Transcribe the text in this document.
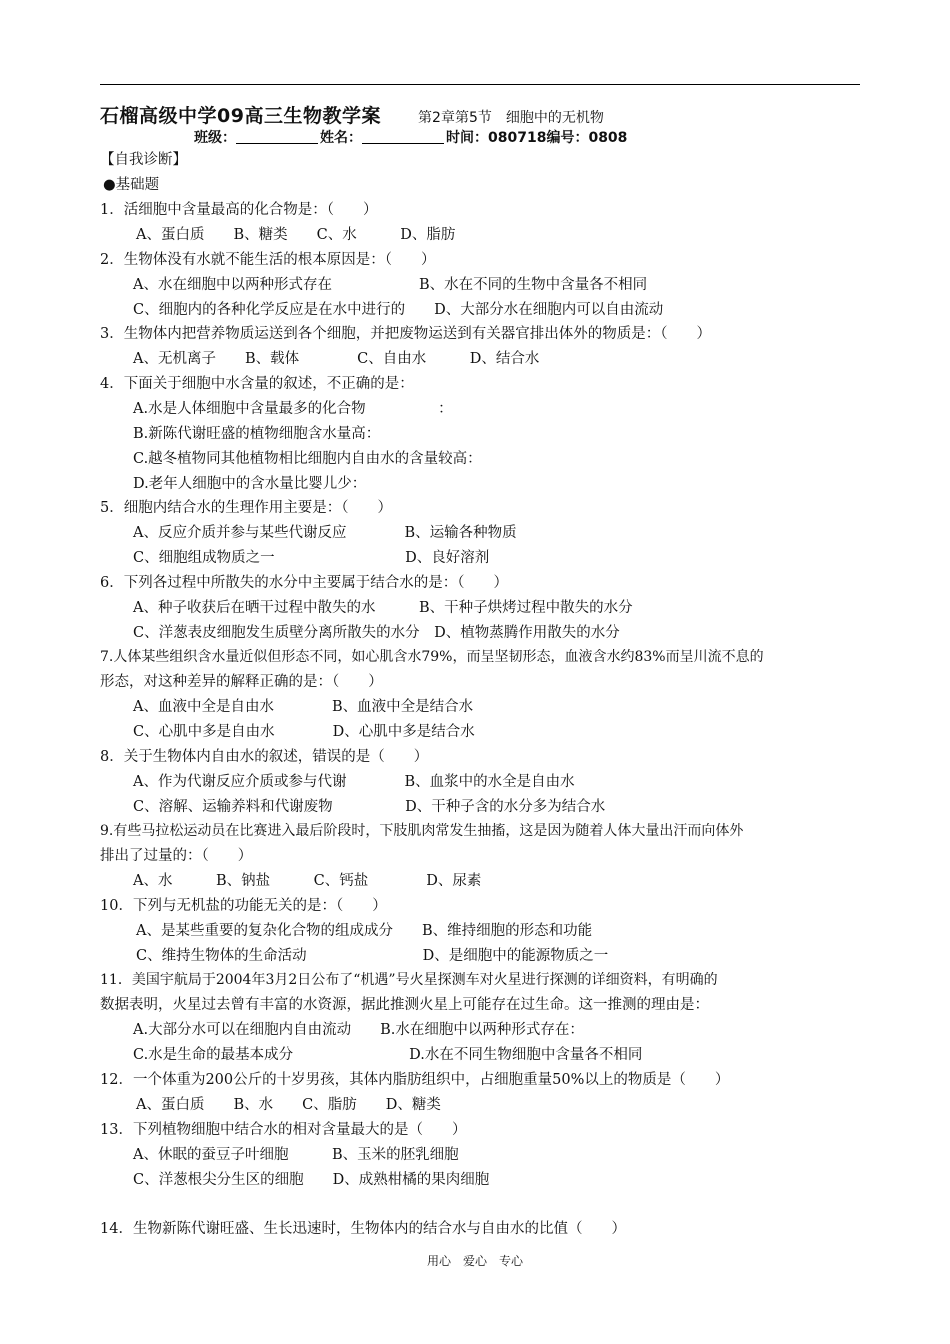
石榴高级中学09高三生物教学案	第2章第5节　细胞中的无机物
班级：	姓名：	时间：080718编号：0808
【自我诊断】
●基础题
1．活细胞中含量最高的化合物是：（　　）
A、蛋白质　　B、糖类　　C、水　　　D、脂肪
2．生物体没有水就不能生活的根本原因是：（　　）
A、水在细胞中以两种形式存在　　　　　　B、水在不同的生物中含量各不相同
C、细胞内的各种化学反应是在水中进行的　　D、大部分水在细胞内可以自由流动
3．生物体内把营养物质运送到各个细胞，并把废物运送到有关器官排出体外的物质是：（　　）
A、无机离子　　B、载体　　　　C、自由水　　　D、结合水
4．下面关于细胞中水含量的叙述，不正确的是：
A.水是人体细胞中含量最多的化合物　　　　　：
B.新陈代谢旺盛的植物细胞含水量高：
C.越冬植物同其他植物相比细胞内自由水的含量较高：
D.老年人细胞中的含水量比婴儿少：
5．细胞内结合水的生理作用主要是：（　　）
A、反应介质并参与某些代谢反应　　　　B、运输各种物质
C、细胞组成物质之一　　　　　　　　　D、良好溶剂
6．下列各过程中所散失的水分中主要属于结合水的是：（　　）
A、种子收获后在晒干过程中散失的水　　　B、干种子烘烤过程中散失的水分
C、洋葱表皮细胞发生质壁分离所散失的水分　D、植物蒸腾作用散失的水分
7.人体某些组织含水量近似但形态不同，如心肌含水79%，而呈坚韧形态，血液含水约83%而呈川流不息的
形态，对这种差异的解释正确的是：（　　）
A、血液中全是自由水　　　　B、血液中全是结合水
C、心肌中多是自由水　　　　D、心肌中多是结合水
8．关于生物体内自由水的叙述，错误的是（　　）
A、作为代谢反应介质或参与代谢　　　　B、血浆中的水全是自由水
C、溶解、运输养料和代谢废物　　　　　D、干种子含的水分多为结合水
9.有些马拉松运动员在比赛进入最后阶段时，下肢肌肉常发生抽搐，这是因为随着人体大量出汗而向体外
排出了过量的：（　　）
A、水　　　B、钠盐　　　C、钙盐　　　　D、尿素
10．下列与无机盐的功能无关的是：（　　）
A、是某些重要的复杂化合物的组成成分　　B、维持细胞的形态和功能
C、维持生物体的生命活动　　　　　　　　D、是细胞中的能源物质之一
11．美国宇航局于2004年3月2日公布了“机遇”号火星探测车对火星进行探测的详细资料，有明确的
数据表明，火星过去曾有丰富的水资源，据此推测火星上可能存在过生命。这一推测的理由是：
A.大部分水可以在细胞内自由流动　　B.水在细胞中以两种形式存在：
C.水是生命的最基本成分　　　　　　　　D.水在不同生物细胞中含量各不相同
12．一个体重为200公斤的十岁男孩，其体内脂肪组织中，占细胞重量50%以上的物质是（　　）
A、蛋白质　　B、水　　C、脂肪　　D、糖类
13．下列植物细胞中结合水的相对含量最大的是（　　）
A、休眠的蚕豆子叶细胞　　　B、玉米的胚乳细胞
C、洋葱根尖分生区的细胞　　D、成熟柑橘的果肉细胞
14．生物新陈代谢旺盛、生长迅速时，生物体内的结合水与自由水的比值（　　）
用心　爱心　专心
